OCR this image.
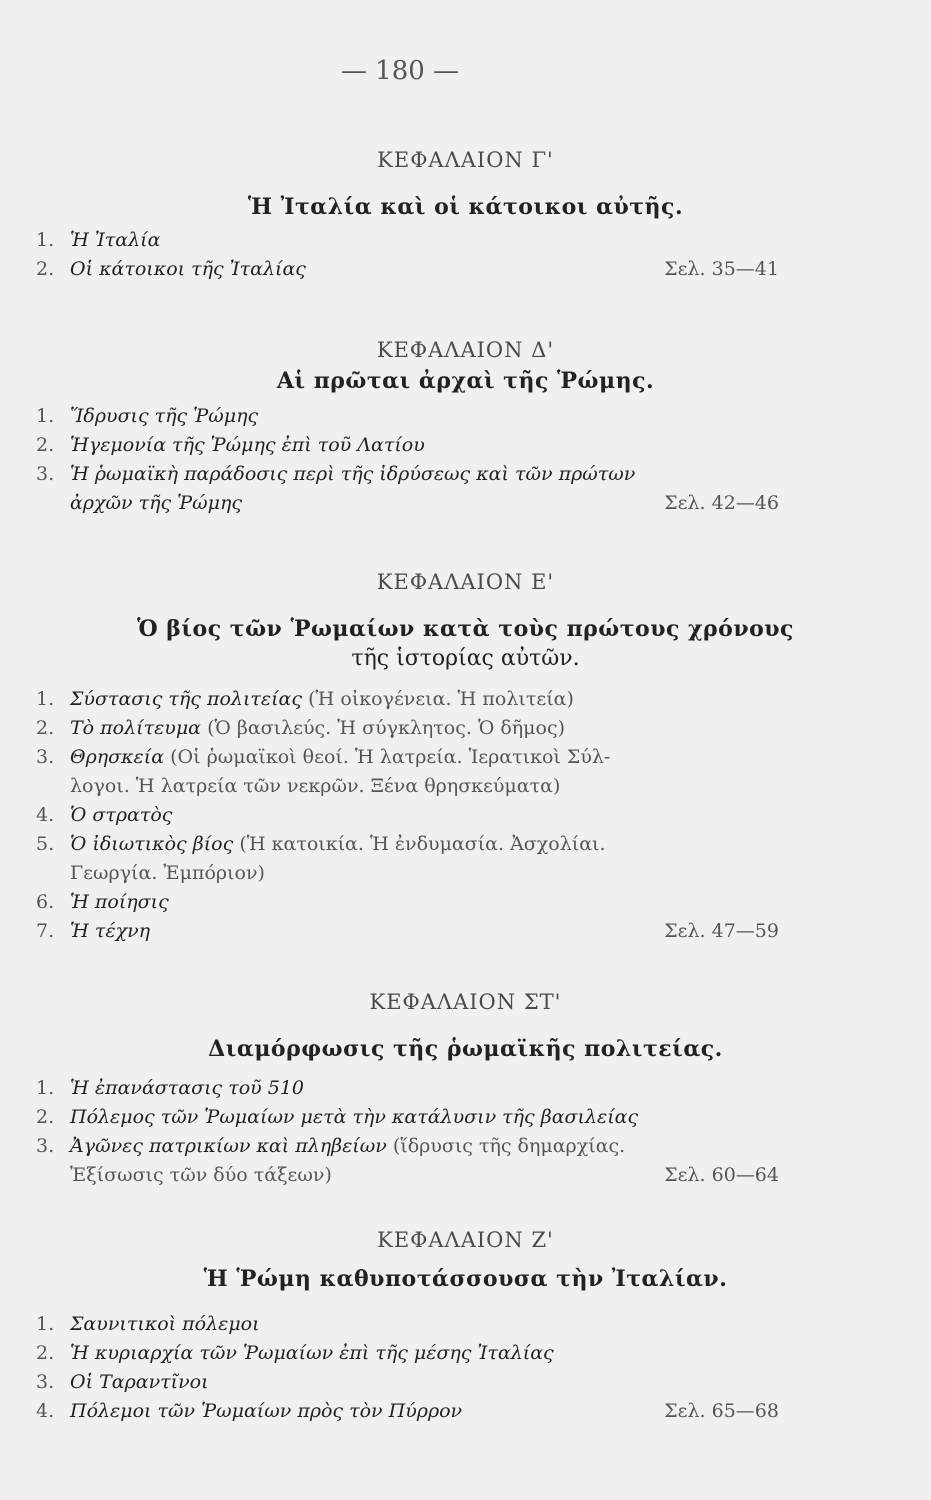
— 180 —
ΚΕΦΑΛΑΙΟΝ Γ'
Ἡ Ἰταλία καὶ οἱ κάτοικοι αὐτῆς.
1. Ἡ Ἰταλία
2. Οἱ κάτοικοι τῆς Ἰταλίας	Σελ. 35—41
ΚΕΦΑΛΑΙΟΝ Δ'
Αἱ πρῶται ἀρχαὶ τῆς Ῥώμης.
1. Ἵδρυσις τῆς Ῥώμης
2. Ἡγεμονία τῆς Ῥώμης ἐπὶ τοῦ Λατίου
3. Ἡ ῥωμαϊκὴ παράδοσις περὶ τῆς ἱδρύσεως καὶ τῶν πρώτων
ἀρχῶν τῆς Ῥώμης	Σελ. 42—46
ΚΕΦΑΛΑΙΟΝ Ε'
Ὁ βίος τῶν Ῥωμαίων κατὰ τοὺς πρώτους χρόνους
τῆς ἱστορίας αὐτῶν.
1. Σύστασις τῆς πολιτείας (Ἡ οἰκογένεια. Ἡ πολιτεία)
2. Τὸ πολίτευμα (Ὁ βασιλεύς. Ἡ σύγκλητος. Ὁ δῆμος)
3. Θρησκεία (Οἱ ῥωμαϊκοὶ θεοί. Ἡ λατρεία. Ἱερατικοὶ Σύλ-
λογοι. Ἡ λατρεία τῶν νεκρῶν. Ξένα θρησκεύματα)
4. Ὁ στρατὸς
5. Ὁ ἰδιωτικὸς βίος (Ἡ κατοικία. Ἡ ἐνδυμασία. Ἀσχολίαι.
Γεωργία. Ἐμπόριον)
6. Ἡ ποίησις
7. Ἡ τέχνη	Σελ. 47—59
ΚΕΦΑΛΑΙΟΝ ΣΤ'
Διαμόρφωσις τῆς ῥωμαϊκῆς πολιτείας.
1. Ἡ ἐπανάστασις τοῦ 510
2. Πόλεμος τῶν Ῥωμαίων μετὰ τὴν κατάλυσιν τῆς βασιλείας
3. Ἀγῶνες πατρικίων καὶ πληβείων (ἵδρυσις τῆς δημαρχίας.
Ἐξίσωσις τῶν δύο τάξεων)	Σελ. 60—64
ΚΕΦΑΛΑΙΟΝ Ζ'
Ἡ Ῥώμη καθυποτάσσουσα τὴν Ἰταλίαν.
1. Σαυνιτικοὶ πόλεμοι
2. Ἡ κυριαρχία τῶν Ῥωμαίων ἐπὶ τῆς μέσης Ἰταλίας
3. Οἱ Ταραντῖνοι
4. Πόλεμοι τῶν Ῥωμαίων πρὸς τὸν Πύρρον	Σελ. 65—68
